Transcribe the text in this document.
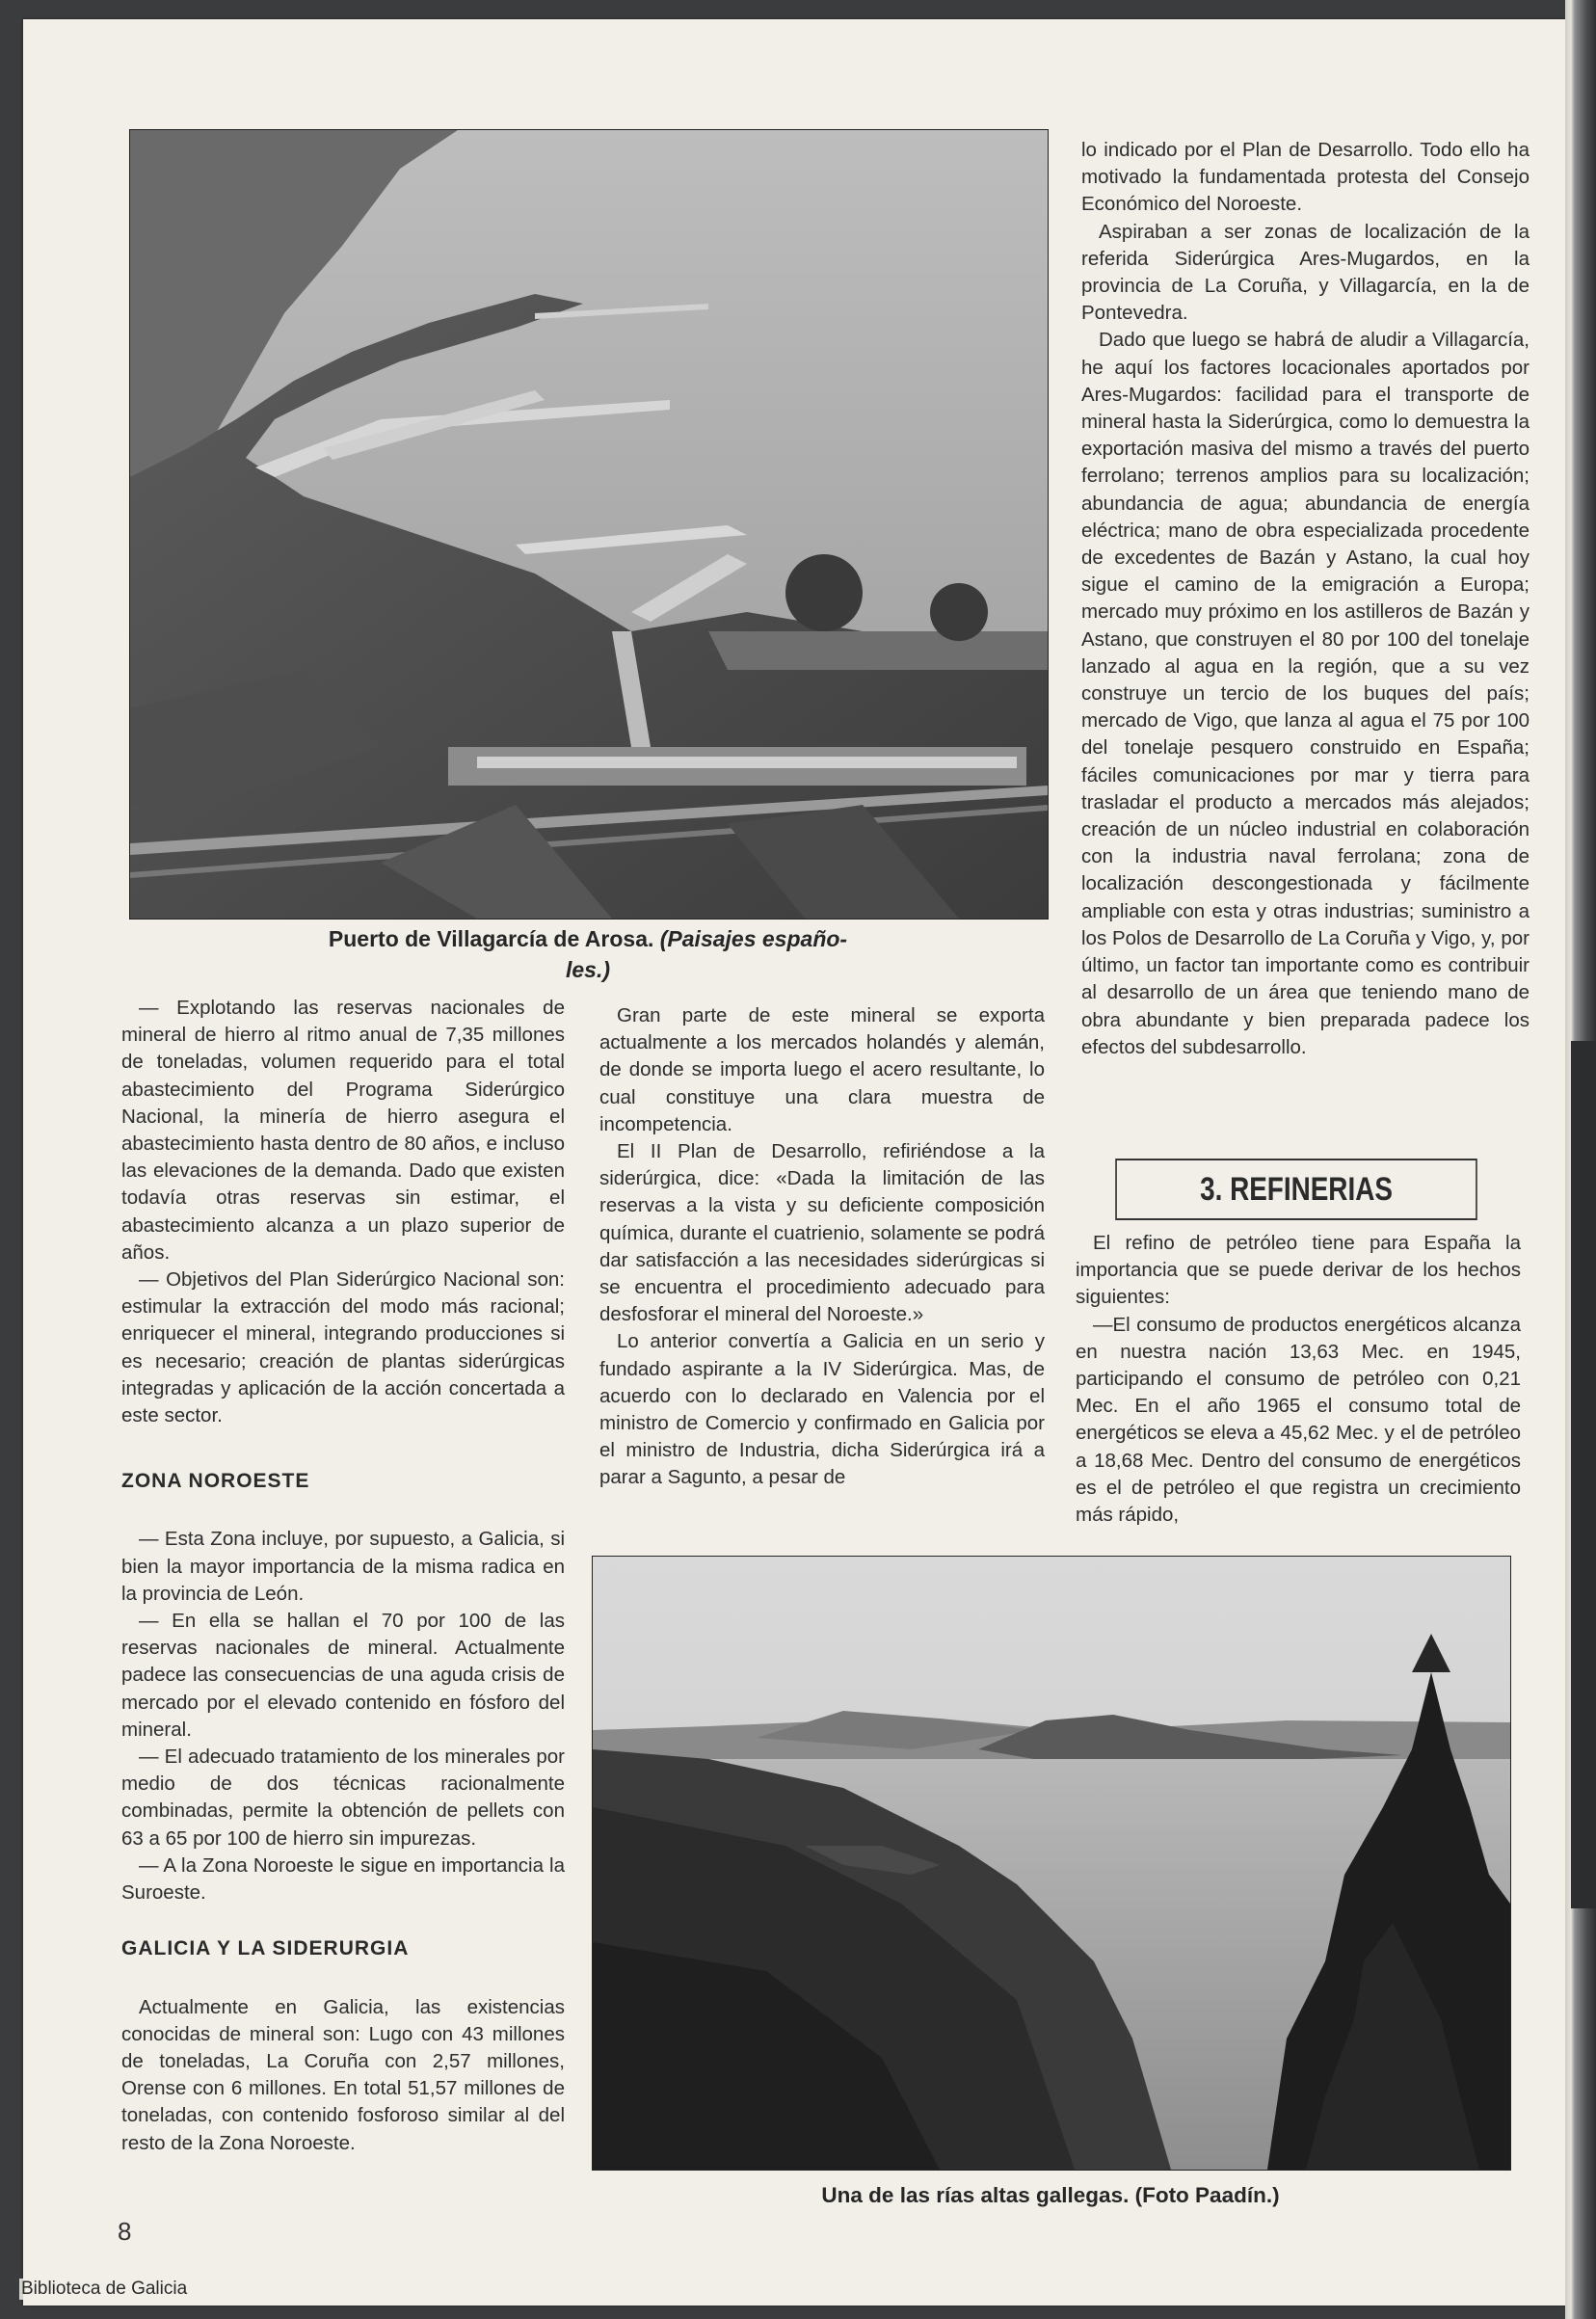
Puerto de Villagarcía de Arosa. (Paisajes españo-
les.)

lo indicado por el Plan de Desarrollo. Todo ello ha motivado la fundamentada protesta del Consejo Económico del Noroeste.

Aspiraban a ser zonas de localización de la referida Siderúrgica Ares-Mugardos, en la provincia de La Coruña, y Villagarcía, en la de Pontevedra.

Dado que luego se habrá de aludir a Villagarcía, he aquí los factores locacionales aportados por Ares-Mugardos: facilidad para el transporte de mineral hasta la Siderúrgica, como lo demuestra la exportación masiva del mismo a través del puerto ferrolano; terrenos amplios para su localización; abundancia de agua; abundancia de energía eléctrica; mano de obra especializada procedente de excedentes de Bazán y Astano, la cual hoy sigue el camino de la emigración a Europa; mercado muy próximo en los astilleros de Bazán y Astano, que construyen el 80 por 100 del tonelaje lanzado al agua en la región, que a su vez construye un tercio de los buques del país; mercado de Vigo, que lanza al agua el 75 por 100 del tonelaje pesquero construido en España; fáciles comunicaciones por mar y tierra para trasladar el producto a mercados más alejados; creación de un núcleo industrial en colaboración con la industria naval ferrolana; zona de localización descongestionada y fácilmente ampliable con esta y otras industrias; suministro a los Polos de Desarrollo de La Coruña y Vigo, y, por último, un factor tan importante como es contribuir al desarrollo de un área que teniendo mano de obra abundante y bien preparada padece los efectos del subdesarrollo.

3. REFINERIAS

El refino de petróleo tiene para España la importancia que se puede derivar de los hechos siguientes:

—El consumo de productos energéticos alcanza en nuestra nación 13,63 Mec. en 1945, participando el consumo de petróleo con 0,21 Mec. En el año 1965 el consumo total de energéticos se eleva a 45,62 Mec. y el de petróleo a 18,68 Mec. Dentro del consumo de energéticos es el de petróleo el que registra un crecimiento más rápido,

— Explotando las reservas nacionales de mineral de hierro al ritmo anual de 7,35 millones de toneladas, volumen requerido para el total abastecimiento del Programa Siderúrgico Nacional, la minería de hierro asegura el abastecimiento hasta dentro de 80 años, e incluso las elevaciones de la demanda. Dado que existen todavía otras reservas sin estimar, el abastecimiento alcanza a un plazo superior de años.

— Objetivos del Plan Siderúrgico Nacional son: estimular la extracción del modo más racional; enriquecer el mineral, integrando producciones si es necesario; creación de plantas siderúrgicas integradas y aplicación de la acción concertada a este sector.

ZONA NOROESTE

— Esta Zona incluye, por supuesto, a Galicia, si bien la mayor importancia de la misma radica en la provincia de León.

— En ella se hallan el 70 por 100 de las reservas nacionales de mineral. Actualmente padece las consecuencias de una aguda crisis de mercado por el elevado contenido en fósforo del mineral.

— El adecuado tratamiento de los minerales por medio de dos técnicas racionalmente combinadas, permite la obtención de pellets con 63 a 65 por 100 de hierro sin impurezas.

— A la Zona Noroeste le sigue en importancia la Suroeste.

GALICIA Y LA SIDERURGIA

Actualmente en Galicia, las existencias conocidas de mineral son: Lugo con 43 millones de toneladas, La Coruña con 2,57 millones, Orense con 6 millones. En total 51,57 millones de toneladas, con contenido fosforoso similar al del resto de la Zona Noroeste.

Gran parte de este mineral se exporta actualmente a los mercados holandés y alemán, de donde se importa luego el acero resultante, lo cual constituye una clara muestra de incompetencia.

El II Plan de Desarrollo, refiriéndose a la siderúrgica, dice: «Dada la limitación de las reservas a la vista y su deficiente composición química, durante el cuatrienio, solamente se podrá dar satisfacción a las necesidades siderúrgicas si se encuentra el procedimiento adecuado para desfosforar el mineral del Noroeste.»

Lo anterior convertía a Galicia en un serio y fundado aspirante a la IV Siderúrgica. Mas, de acuerdo con lo declarado en Valencia por el ministro de Comercio y confirmado en Galicia por el ministro de Industria, dicha Siderúrgica irá a parar a Sagunto, a pesar de

Una de las rías altas gallegas. (Foto Paadín.)
8
Biblioteca de Galicia
